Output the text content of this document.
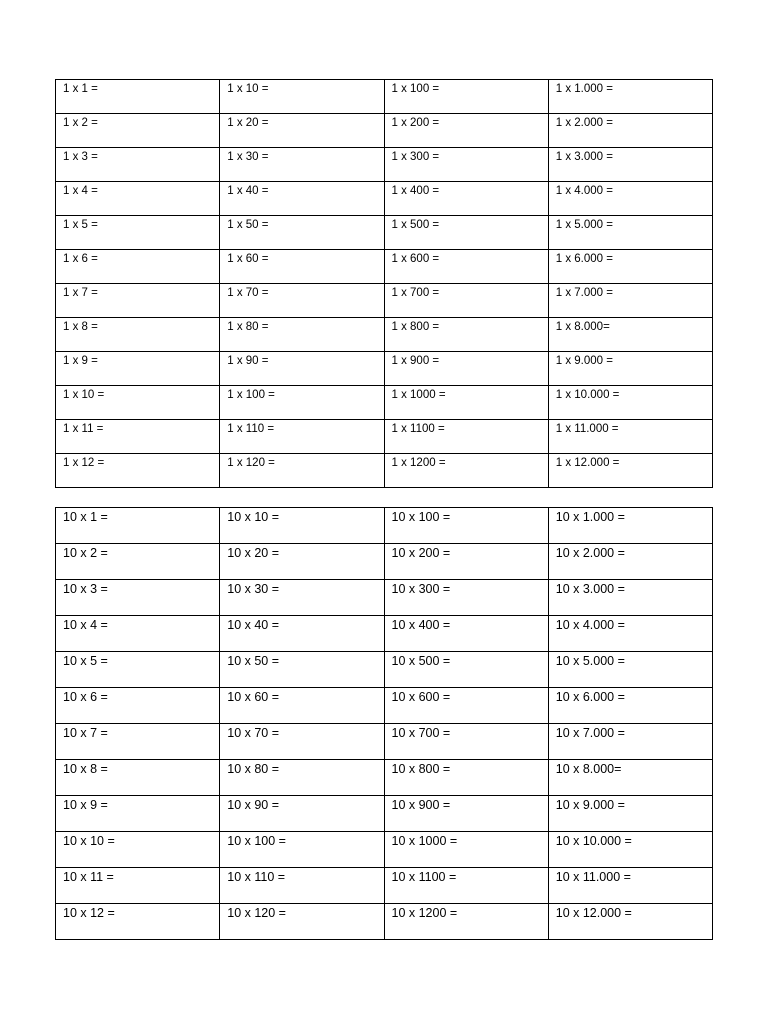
1 x 1 =	1 x 10 =	1 x 100 =	1 x 1.000 =
1 x 2 =	1 x 20 =	1 x 200 =	1 x 2.000 =
1 x 3 =	1 x 30 =	1 x 300 =	1 x 3.000 =
1 x 4 =	1 x 40 =	1 x 400 =	1 x 4.000 =
1 x 5 =	1 x 50 =	1 x 500 =	1 x 5.000 =
1 x 6 =	1 x 60 =	1 x 600 =	1 x 6.000 =
1 x 7 =	1 x 70 =	1 x 700 =	1 x 7.000 =
1 x 8 =	1 x 80 =	1 x 800 =	1 x 8.000=
1 x 9 =	1 x 90 =	1 x 900 =	1 x 9.000 =
1 x 10 =	1 x 100 =	1 x 1000 =	1 x 10.000 =
1 x 11 =	1 x 110 =	1 x 1100 =	1 x 11.000 =
1 x 12 =	1 x 120 =	1 x 1200 =	1 x 12.000 =
10 x 1 =	10 x 10 =	10 x 100 =	10 x 1.000 =
10 x 2 =	10 x 20 =	10 x 200 =	10 x 2.000 =
10 x 3 =	10 x 30 =	10 x 300 =	10 x 3.000 =
10 x 4 =	10 x 40 =	10 x 400 =	10 x 4.000 =
10 x 5 =	10 x 50 =	10 x 500 =	10 x 5.000 =
10 x 6 =	10 x 60 =	10 x 600 =	10 x 6.000 =
10 x 7 =	10 x 70 =	10 x 700 =	10 x 7.000 =
10 x 8 =	10 x 80 =	10 x 800 =	10 x 8.000=
10 x 9 =	10 x 90 =	10 x 900 =	10 x 9.000 =
10 x 10 =	10 x 100 =	10 x 1000 =	10 x 10.000 =
10 x 11 =	10 x 110 =	10 x 1100 =	10 x 11.000 =
10 x 12 =	10 x 120 =	10 x 1200 =	10 x 12.000 =
